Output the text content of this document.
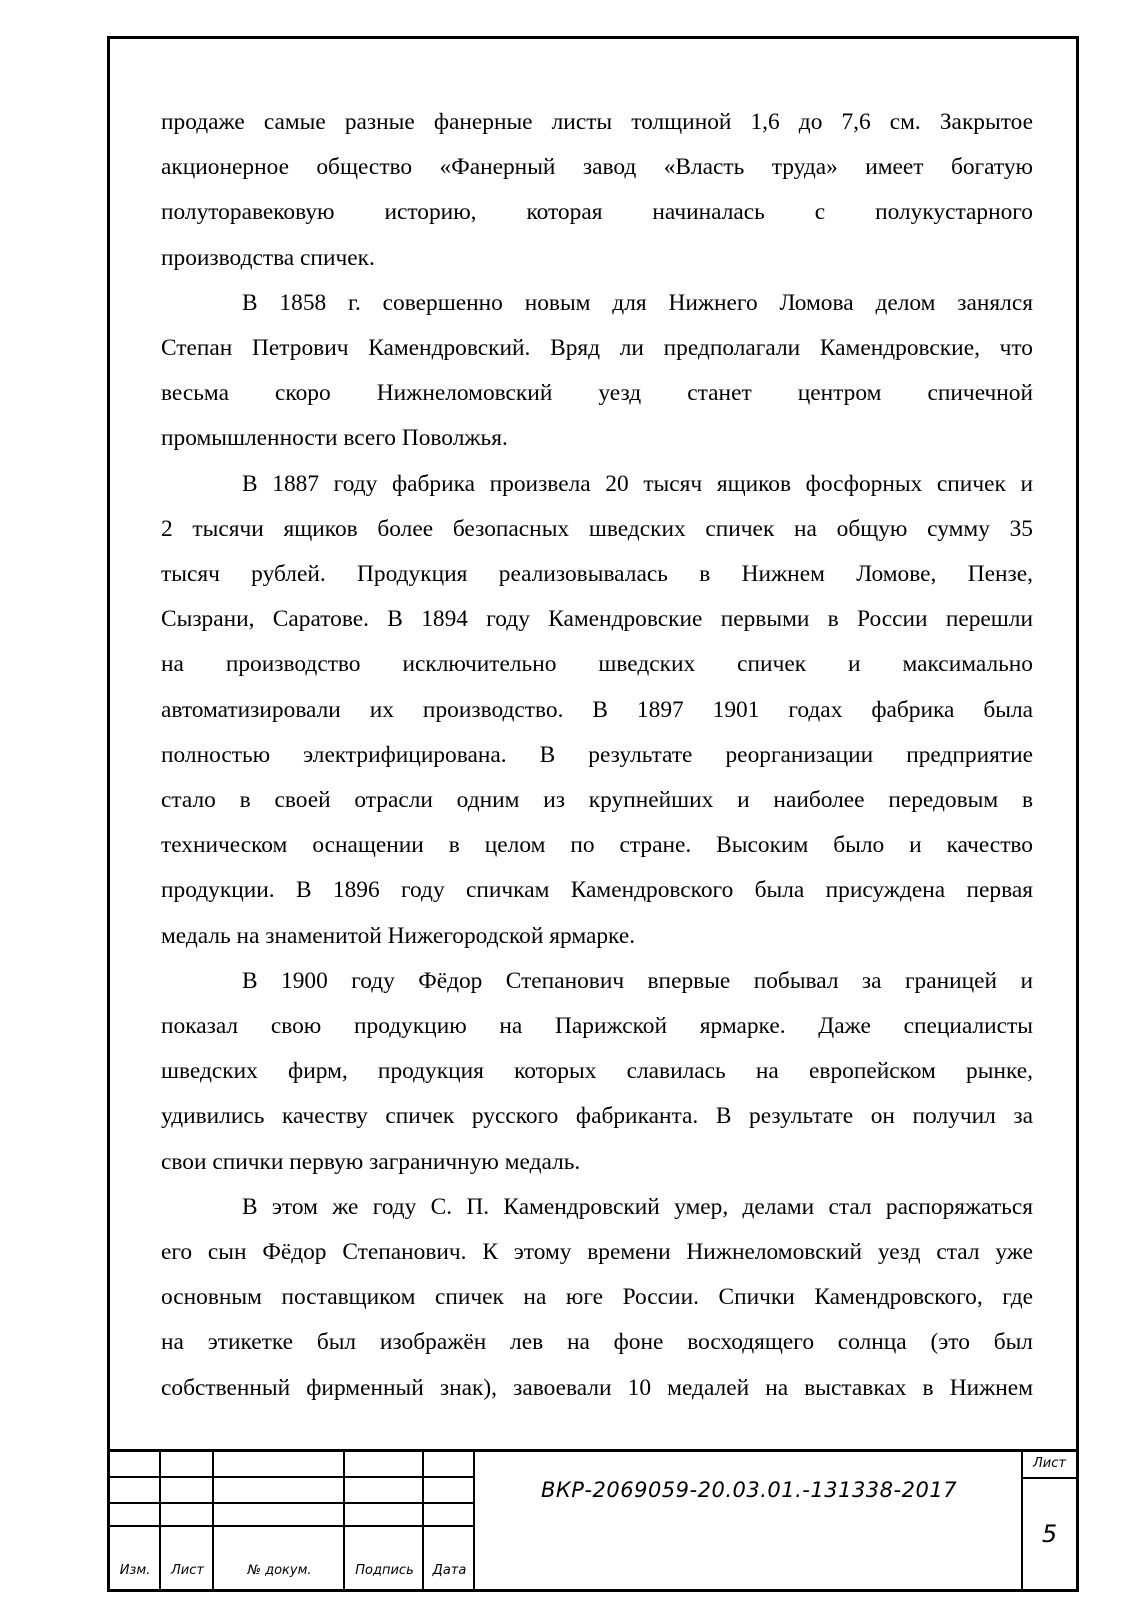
продаже самые разные фанерные листы толщиной 1,6 до 7,6 см. Закрытое
акционерное общество «Фанерный завод «Власть труда» имеет богатую
полуторавековую историю, которая начиналась с полукустарного
производства спичек.
В 1858 г. совершенно новым для Нижнего Ломова делом занялся
Степан Петрович Камендровский. Вряд ли предполагали Камендровские, что
весьма скоро Нижнеломовский уезд станет центром спичечной
промышленности всего Поволжья.
В 1887 году фабрика произвела 20 тысяч ящиков фосфорных спичек и
2 тысячи ящиков более безопасных шведских спичек на общую сумму 35
тысяч рублей. Продукция реализовывалась в Нижнем Ломове, Пензе,
Сызрани, Саратове. В 1894 году Камендровские первыми в России перешли
на производство исключительно шведских спичек и максимально
автоматизировали их производство. В 1897 1901 годах фабрика была
полностью электрифицирована. В результате реорганизации предприятие
стало в своей отрасли одним из крупнейших и наиболее передовым в
техническом оснащении в целом по стране. Высоким было и качество
продукции. В 1896 году спичкам Камендровского была присуждена первая
медаль на знаменитой Нижегородской ярмарке.
В 1900 году Фёдор Степанович впервые побывал за границей и
показал свою продукцию на Парижской ярмарке. Даже специалисты
шведских фирм, продукция которых славилась на европейском рынке,
удивились качеству спичек русского фабриканта. В результате он получил за
свои спички первую заграничную медаль.
В этом же году С. П. Камендровский умер, делами стал распоряжаться
его сын Фёдор Степанович. К этому времени Нижнеломовский уезд стал уже
основным поставщиком спичек на юге России. Спички Камендровского, где
на этикетке был изображён лев на фоне восходящего солнца (это был
собственный фирменный знак), завоевали 10 медалей на выставках в Нижнем
Изм.	Лист	№ докум.	Подпись	Дата
ВКР-2069059-20.03.01.-131338-2017
Лист
5
